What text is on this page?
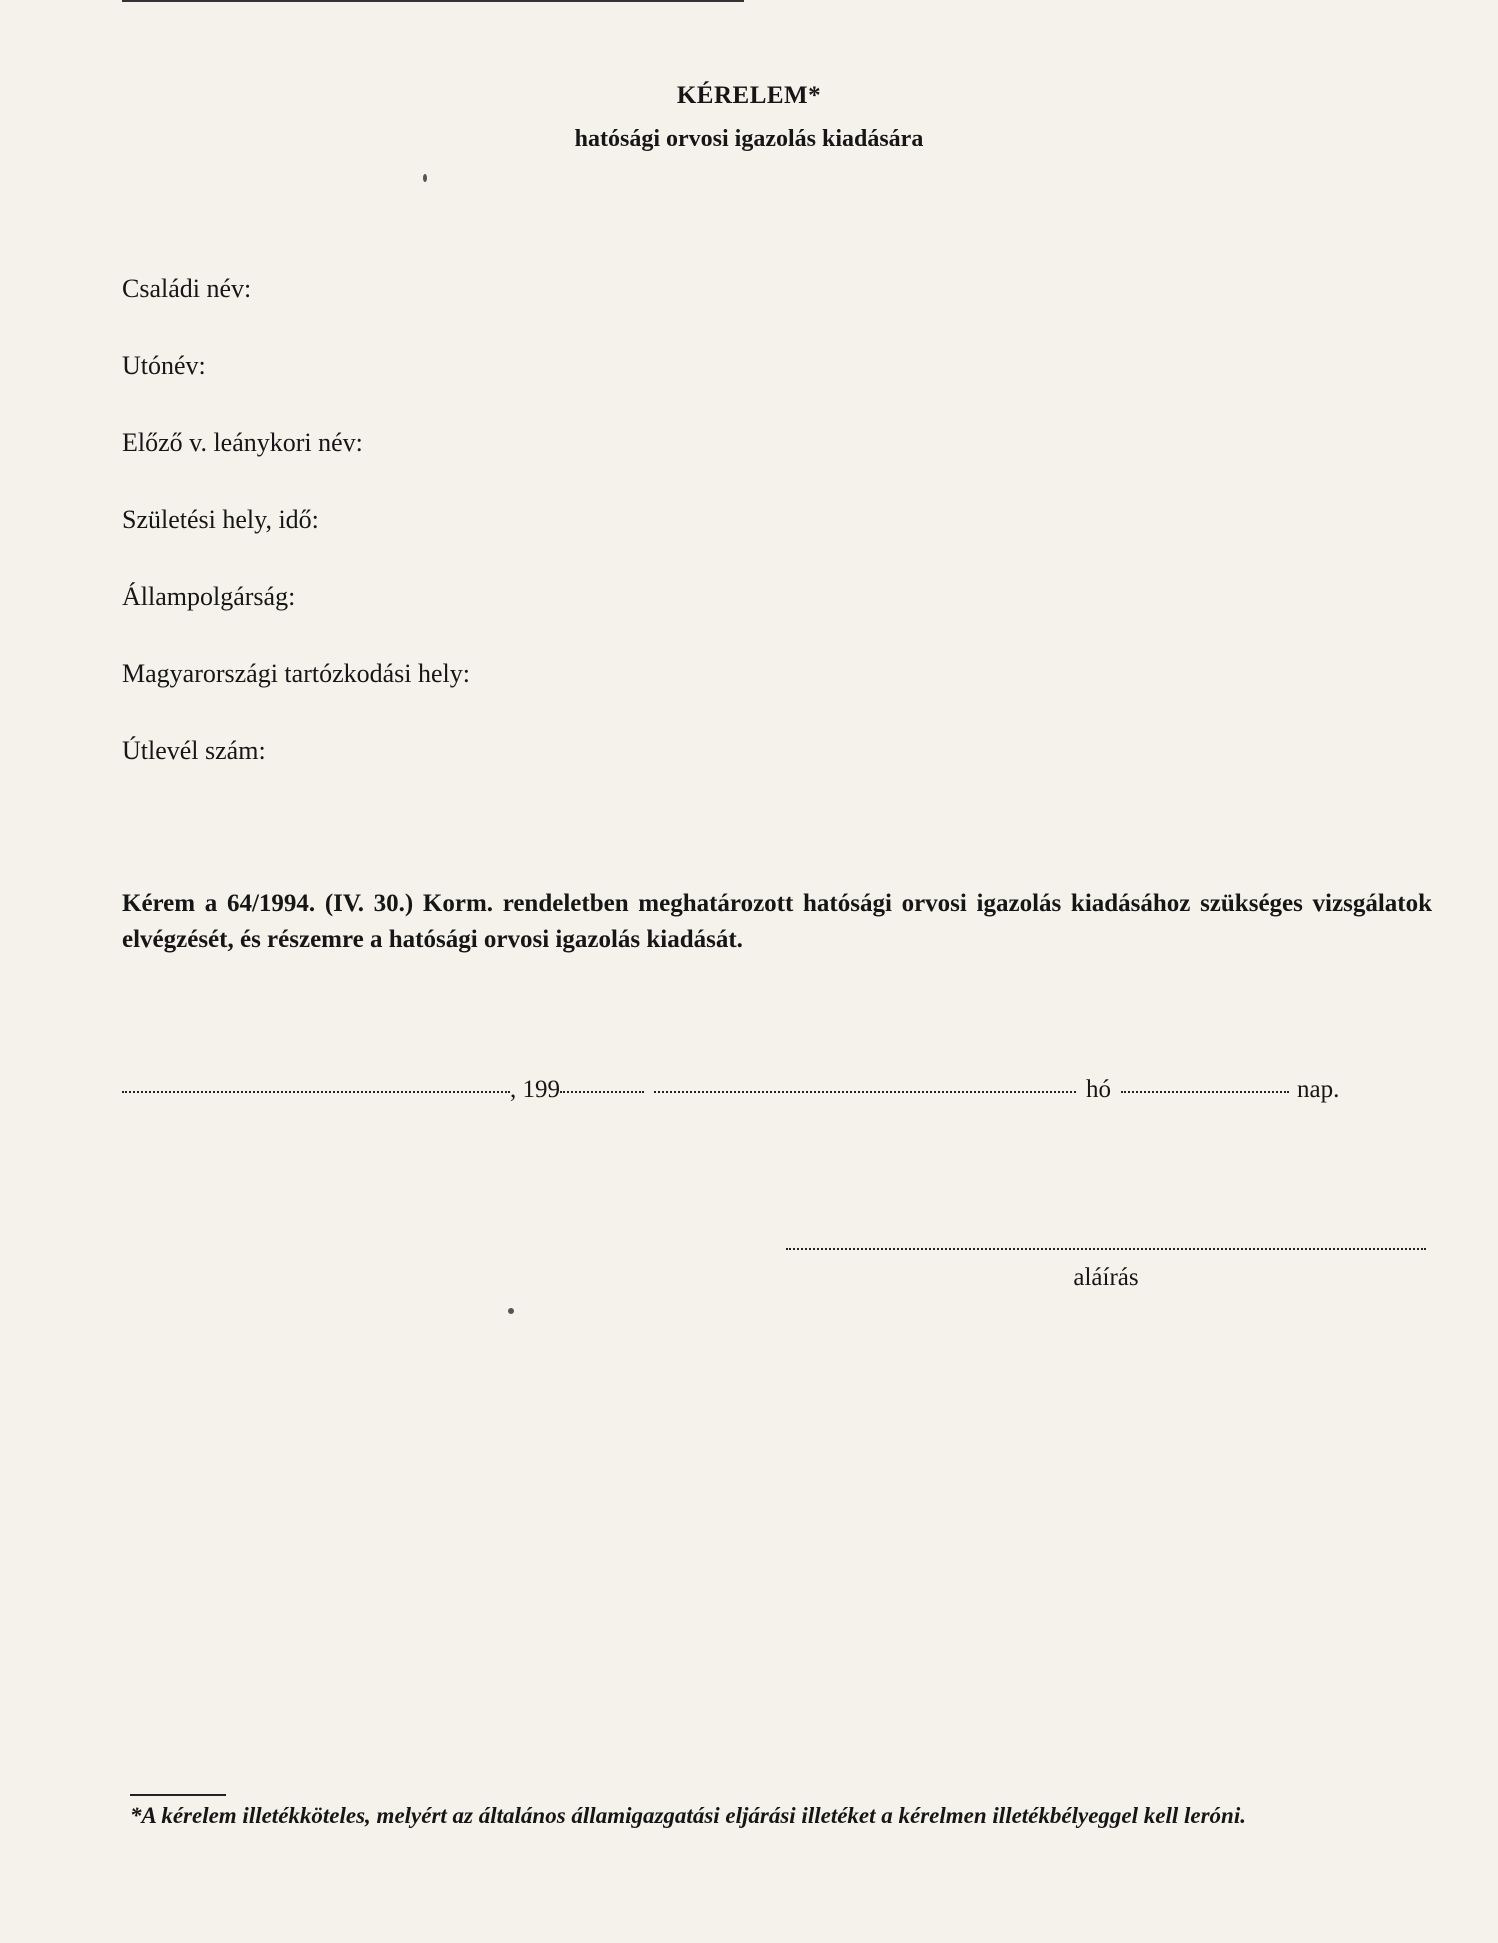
KÉRELEM*
hatósági orvosi igazolás kiadására
Családi név:
Utónév:
Előző v. leánykori név:
Születési hely, idő:
Állampolgárság:
Magyarországi tartózkodási hely:
Útlevél szám:
Kérem a 64/1994. (IV. 30.) Korm. rendeletben meghatározott hatósági orvosi igazolás kiadásához szükséges vizsgálatok elvégzését, és részemre a hatósági orvosi igazolás kiadását.
, 199	hó	nap.
aláírás
*A kérelem illetékköteles, melyért az általános államigazgatási eljárási illetéket a kérelmen illetékbélyeggel kell leróni.
